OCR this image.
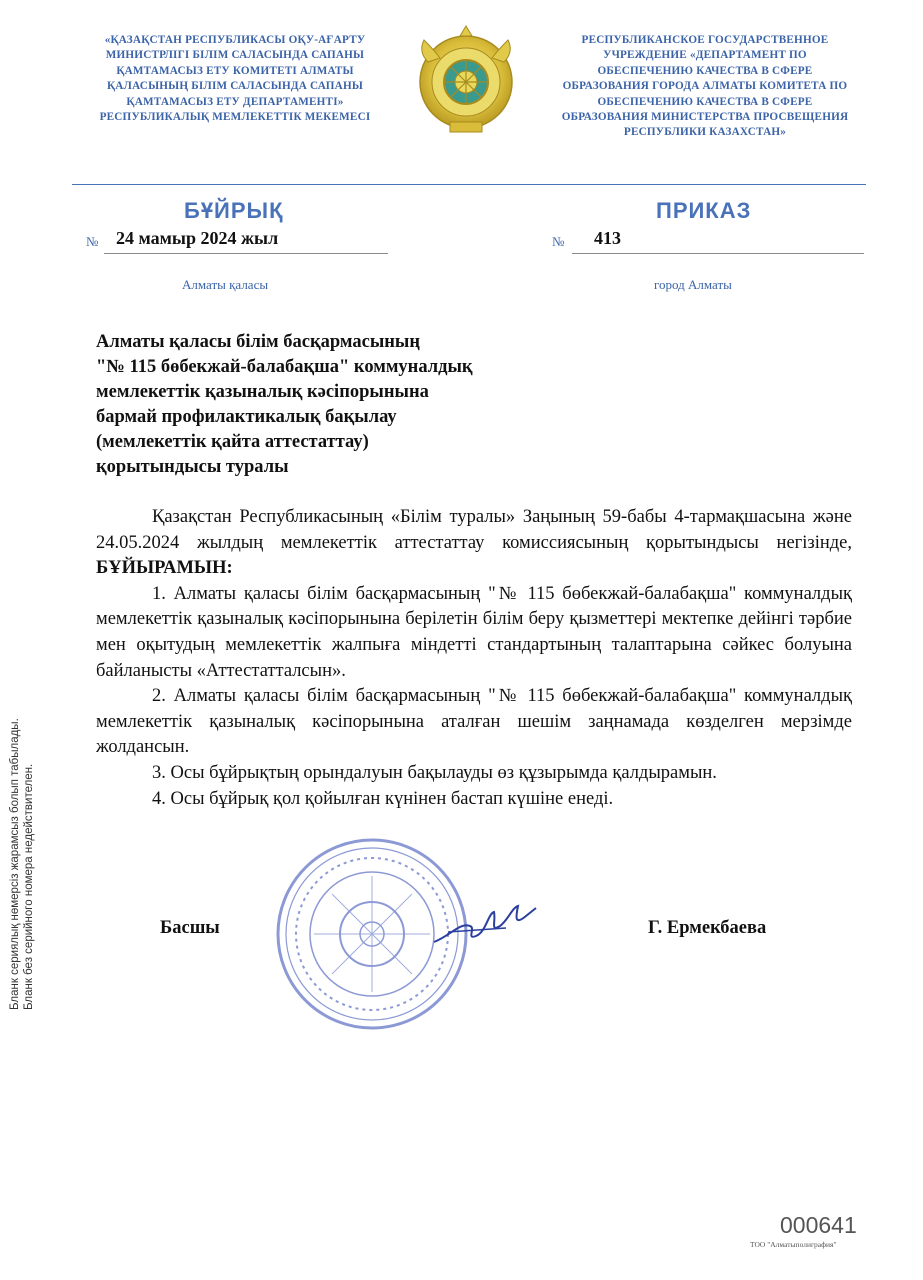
«ҚАЗАҚСТАН РЕСПУБЛИКАСЫ ОҚУ-АҒАРТУ
МИНИСТРЛІГІ БІЛІМ САЛАСЫНДА САПАНЫ
ҚАМТАМАСЫЗ ЕТУ КОМИТЕТІ АЛМАТЫ
ҚАЛАСЫНЫҢ БІЛІМ САЛАСЫНДА САПАНЫ
ҚАМТАМАСЫЗ ЕТУ ДЕПАРТАМЕНТІ»
РЕСПУБЛИКАЛЫҚ МЕМЛЕКЕТТІК МЕКЕМЕСІ
РЕСПУБЛИКАНСКОЕ ГОСУДАРСТВЕННОЕ
УЧРЕЖДЕНИЕ «ДЕПАРТАМЕНТ ПО
ОБЕСПЕЧЕНИЮ КАЧЕСТВА В СФЕРЕ
ОБРАЗОВАНИЯ ГОРОДА АЛМАТЫ КОМИТЕТА ПО
ОБЕСПЕЧЕНИЮ КАЧЕСТВА В СФЕРЕ
ОБРАЗОВАНИЯ МИНИСТЕРСТВА ПРОСВЕЩЕНИЯ
РЕСПУБЛИКИ КАЗАХСТАН»
БҰЙРЫҚ	ПРИКАЗ
№ 24 мамыр 2024 жыл	№ 413
Алматы қаласы	город Алматы
Алматы қаласы білім басқармасының
"№ 115 бөбекжай-балабақша" коммуналдық
мемлекеттік қазыналық кәсіпорынына
бармай профилактикалық бақылау
(мемлекеттік қайта аттестаттау)
қорытындысы туралы

Қазақстан Республикасының «Білім туралы» Заңының 59-бабы 4-тармақшасына және 24.05.2024 жылдың мемлекеттік аттестаттау комиссиясының қорытындысы негізінде, БҰЙЫРАМЫН:

1. Алматы қаласы білім басқармасының "№ 115 бөбекжай-балабақша" коммуналдық мемлекеттік қазыналық кәсіпорынына берілетін білім беру қызметтері мектепке дейінгі тәрбие мен оқытудың мемлекеттік жалпыға міндетті стандартының талаптарына сәйкес болуына байланысты «Аттестатталсын».

2. Алматы қаласы білім басқармасының "№ 115 бөбекжай-балабақша" коммуналдық мемлекеттік қазыналық кәсіпорынына аталған шешім заңнамада көзделген мерзімде жолдансын.

3. Осы бұйрықтың орындалуын бақылауды өз құзырымда қалдырамын.

4. Осы бұйрық қол қойылған күнінен бастап күшіне енеді.

Басшы	Г. Ермекбаева
Бланк сериялық нөмерсіз жарамсыз болып табылады. Бланк без серийного номера недействителен.
000641
ТОО "Алматыполиграфия"
